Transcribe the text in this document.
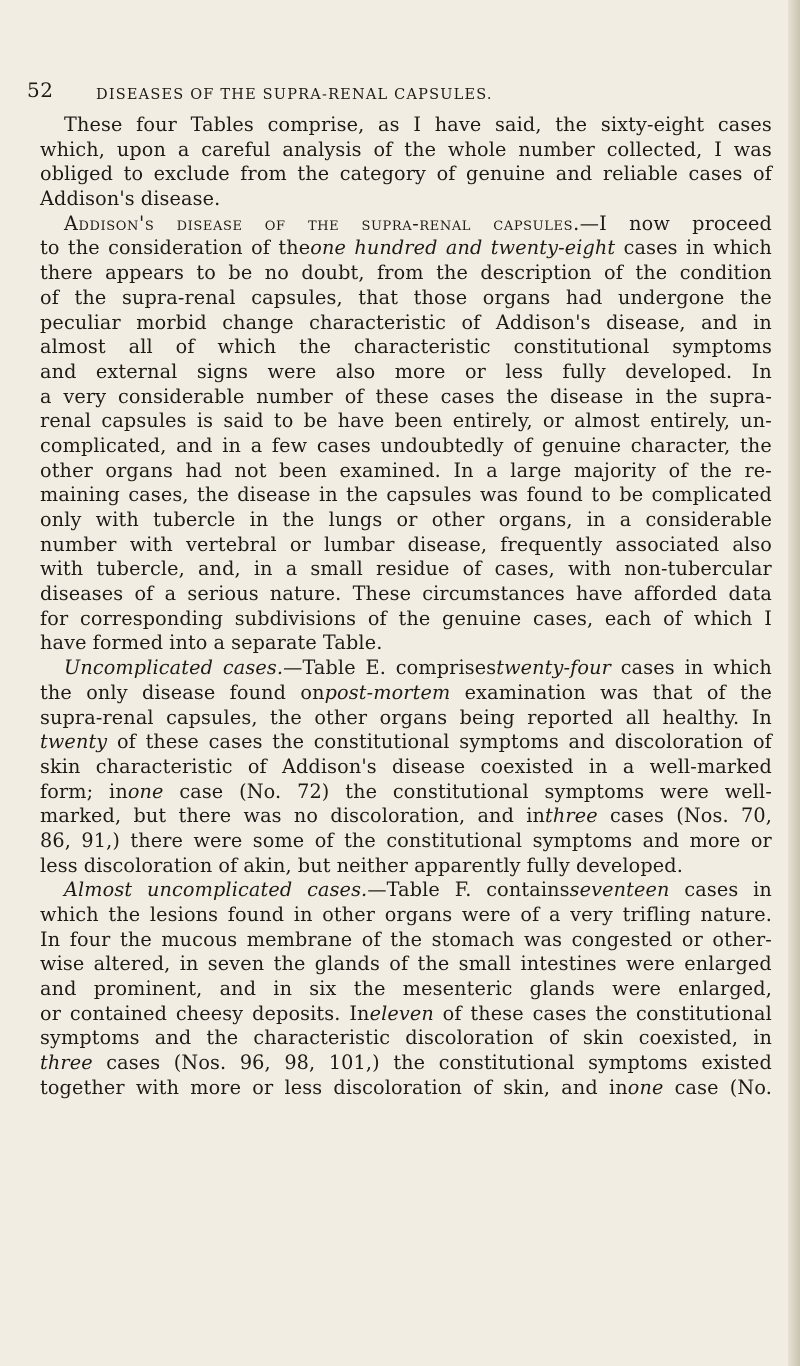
52	DISEASES OF THE SUPRA-RENAL CAPSULES.
These four Tables comprise, as I have said, the sixty-eight cases
which, upon a careful analysis of the whole number collected, I was
obliged to exclude from the category of genuine and reliable cases of
Addison's disease.
Addison's disease of the supra-renal capsules.—I now proceed
to the consideration of theone hundred and twenty-eight cases in which
there appears to be no doubt, from the description of the condition
of the supra-renal capsules, that those organs had undergone the
peculiar morbid change characteristic of Addison's disease, and in
almost all of which the characteristic constitutional symptoms
and external signs were also more or less fully developed. In
a very considerable number of these cases the disease in the supra-
renal capsules is said to be have been entirely, or almost entirely, un-
complicated, and in a few cases undoubtedly of genuine character, the
other organs had not been examined. In a large majority of the re-
maining cases, the disease in the capsules was found to be complicated
only with tubercle in the lungs or other organs, in a considerable
number with vertebral or lumbar disease, frequently associated also
with tubercle, and, in a small residue of cases, with non-tubercular
diseases of a serious nature. These circumstances have afforded data
for corresponding subdivisions of the genuine cases, each of which I
have formed into a separate Table.
Uncomplicated cases.—Table E. comprisestwenty-four cases in which
the only disease found onpost-mortem examination was that of the
supra-renal capsules, the other organs being reported all healthy. In
twenty of these cases the constitutional symptoms and discoloration of
skin characteristic of Addison's disease coexisted in a well-marked
form; inone case (No. 72) the constitutional symptoms were well-
marked, but there was no discoloration, and inthree cases (Nos. 70,
86, 91,) there were some of the constitutional symptoms and more or
less discoloration of akin, but neither apparently fully developed.
Almost uncomplicated cases.—Table F. containsseventeen cases in
which the lesions found in other organs were of a very trifling nature.
In four the mucous membrane of the stomach was congested or other-
wise altered, in seven the glands of the small intestines were enlarged
and prominent, and in six the mesenteric glands were enlarged,
or contained cheesy deposits. Ineleven of these cases the constitutional
symptoms and the characteristic discoloration of skin coexisted, in
three cases (Nos. 96, 98, 101,) the constitutional symptoms existed
together with more or less discoloration of skin, and inone case (No.
